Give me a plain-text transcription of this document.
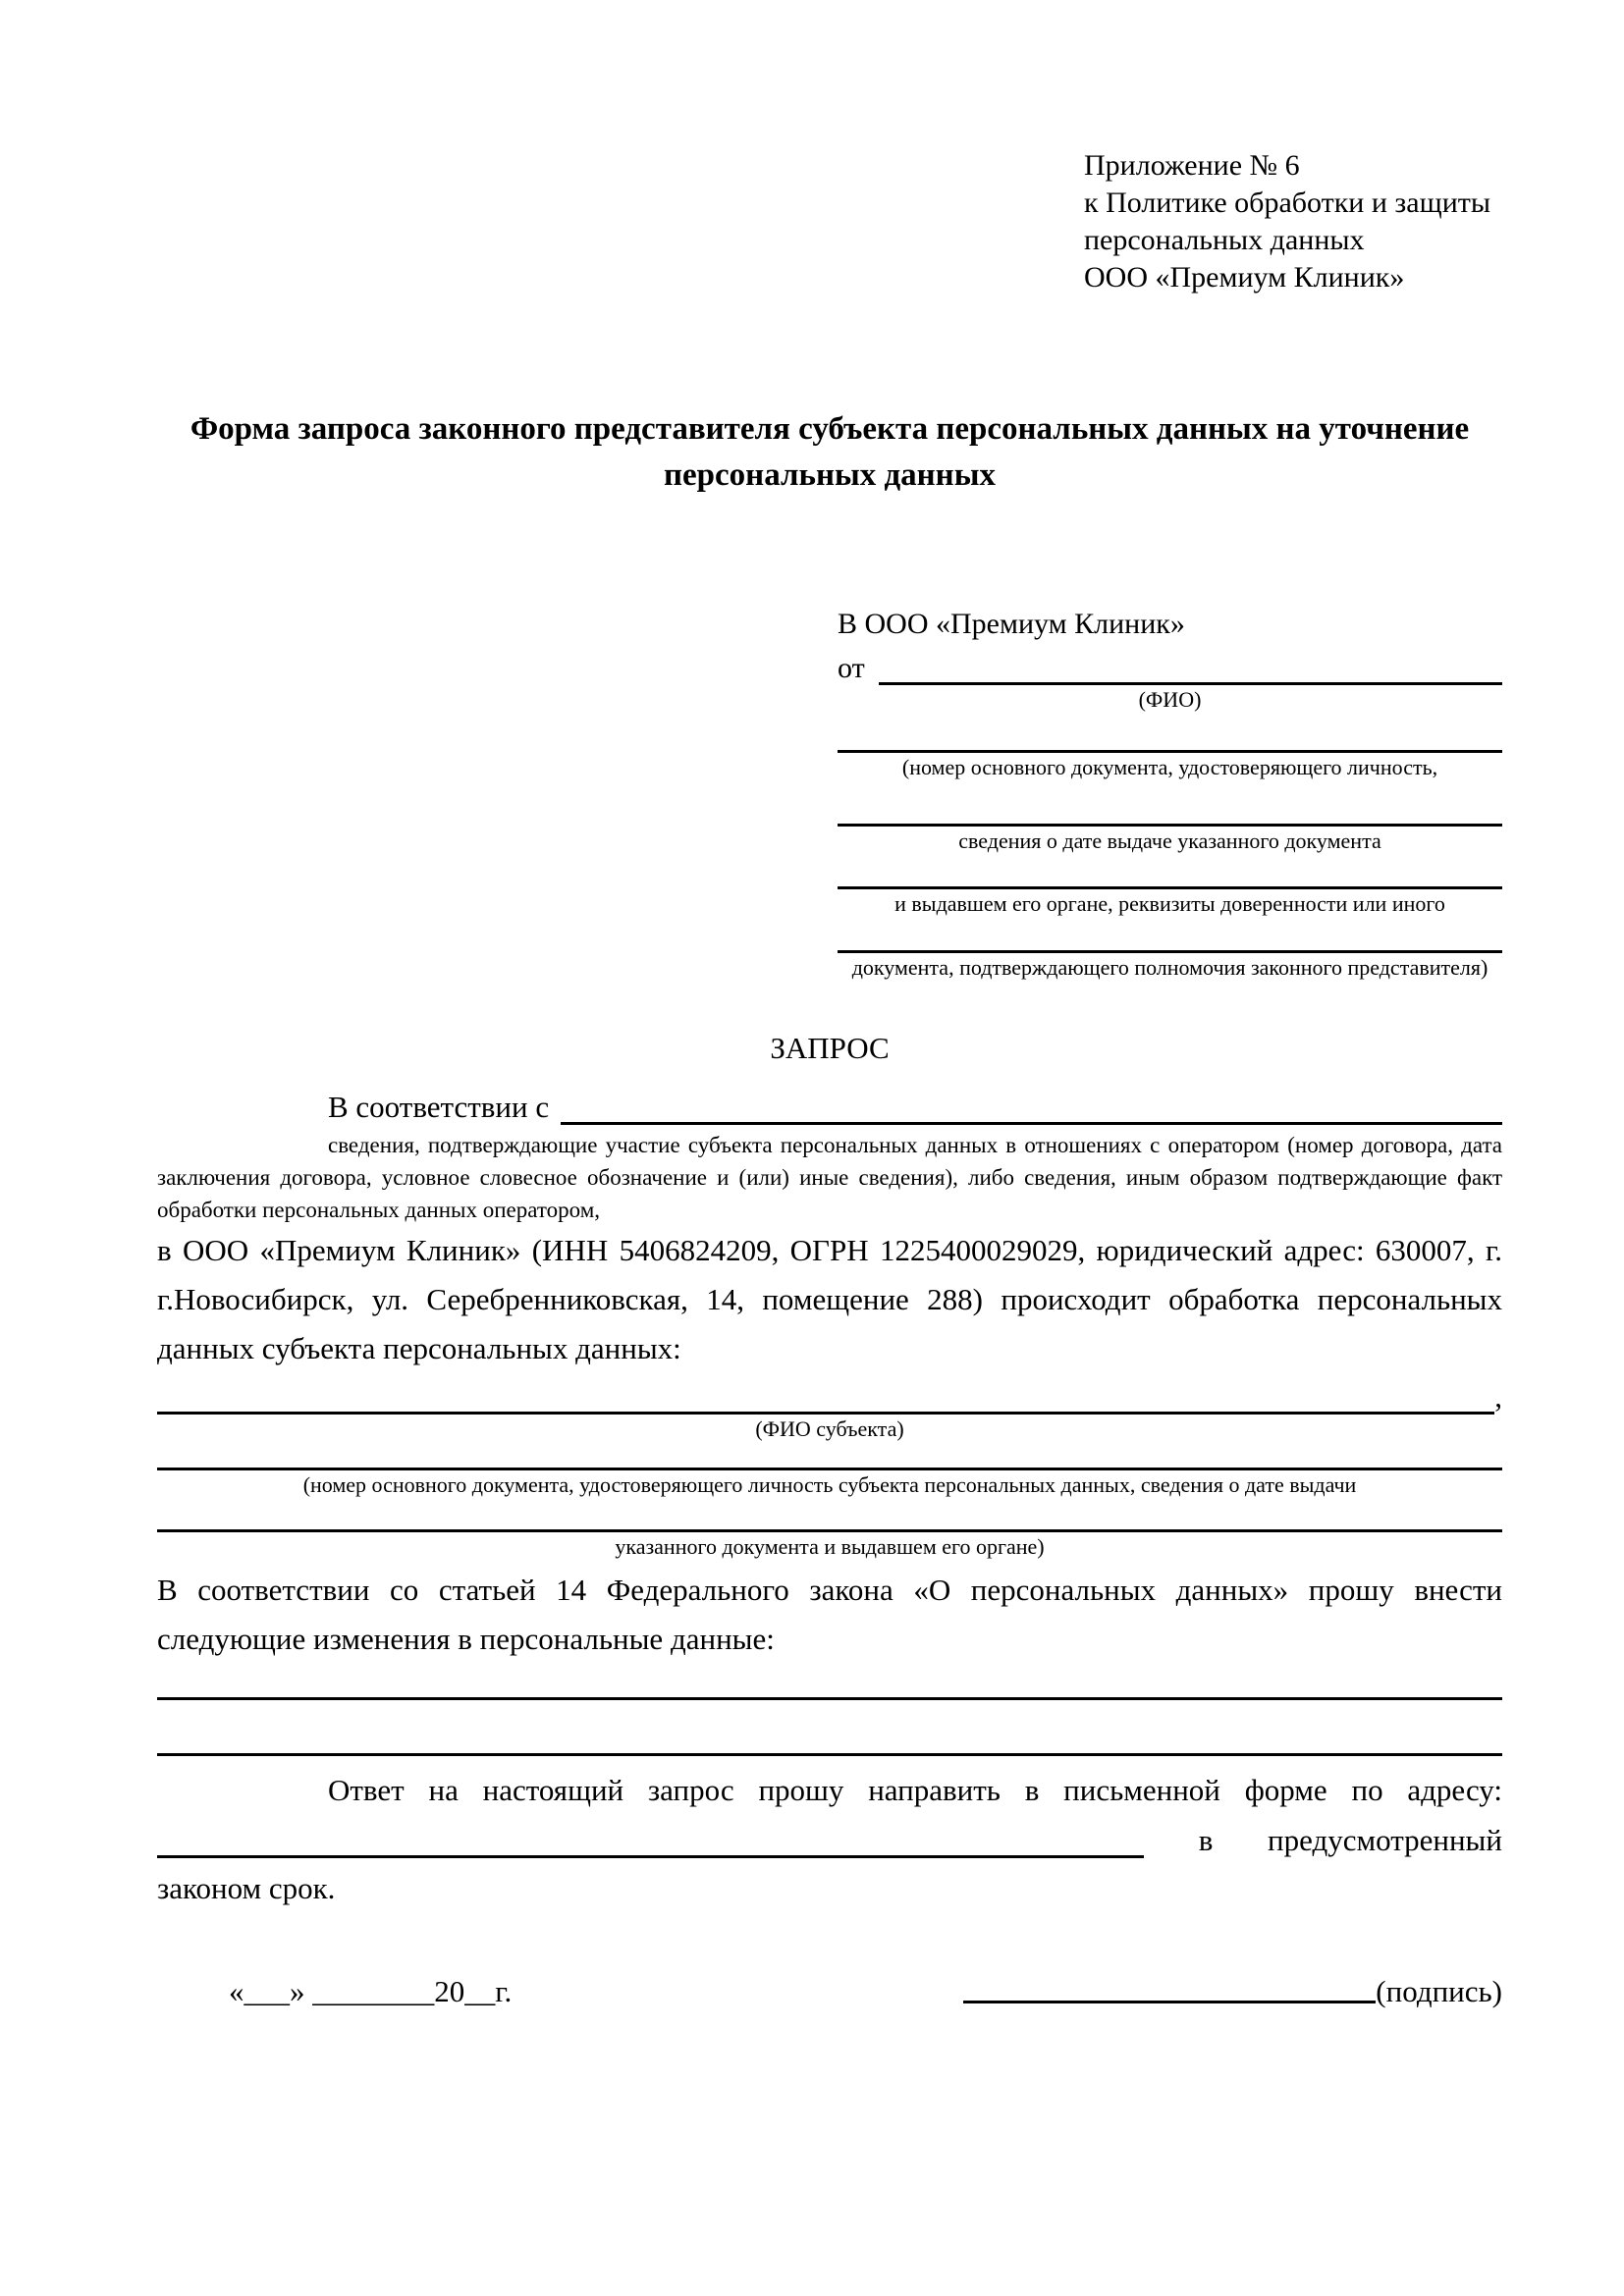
Приложение № 6
к Политике обработки и защиты
персональных данных
ООО «Премиум Клиник»
Форма запроса законного представителя субъекта персональных данных на уточнение персональных данных
В ООО «Премиум Клиник»
от
(ФИО)
(номер основного документа, удостоверяющего личность,
сведения о дате выдаче указанного документа
и выдавшем его органе, реквизиты доверенности или иного
документа, подтверждающего полномочия законного представителя)
ЗАПРОС
В соответствии с
сведения, подтверждающие участие субъекта персональных данных в отношениях с оператором (номер договора, дата заключения договора, условное словесное обозначение и (или) иные сведения), либо сведения, иным образом подтверждающие факт обработки персональных данных оператором,
в ООО «Премиум Клиник» (ИНН 5406824209, ОГРН 1225400029029, юридический адрес: 630007, г. г.Новосибирск, ул. Серебренниковская, 14, помещение 288) происходит обработка персональных данных субъекта персональных данных:
,
(ФИО субъекта)
(номер основного документа, удостоверяющего личность субъекта персональных данных, сведения о дате выдачи
указанного документа и выдавшем его органе)
В соответствии со статьей 14 Федерального закона «О персональных данных» прошу внести следующие изменения в персональные данные:
Ответ на настоящий запрос прошу направить в письменной форме по адресу:
в предусмотренный
законом срок.
«___» ________20__г.	(подпись)
